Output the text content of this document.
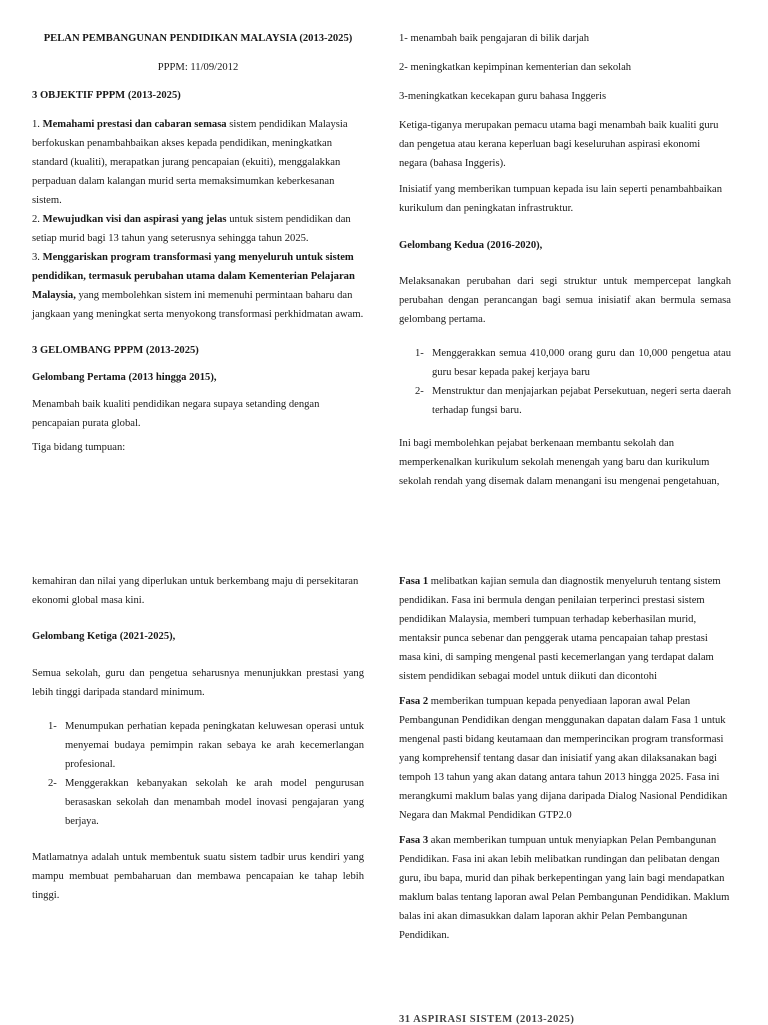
PELAN PEMBANGUNAN PENDIDIKAN MALAYSIA (2013-2025)

PPPM: 11/09/2012

3 OBJEKTIF PPPM (2013-2025)

1. Memahami prestasi dan cabaran semasa sistem pendidikan Malaysia berfokuskan penambahbaikan akses kepada pendidikan, meningkatkan standard (kualiti), merapatkan jurang pencapaian (ekuiti), menggalakkan perpaduan dalam kalangan murid serta memaksimumkan keberkesanan sistem.

2. Mewujudkan visi dan aspirasi yang jelas untuk sistem pendidikan dan setiap murid bagi 13 tahun yang seterusnya sehingga tahun 2025.

3. Menggariskan program transformasi yang menyeluruh untuk sistem pendidikan, termasuk perubahan utama dalam Kementerian Pelajaran Malaysia, yang membolehkan sistem ini memenuhi permintaan baharu dan jangkaan yang meningkat serta menyokong transformasi perkhidmatan awam.

3 GELOMBANG PPPM (2013-2025)

Gelombang Pertama (2013 hingga 2015),

Menambah baik kualiti pendidikan negara supaya setanding dengan pencapaian purata global.

Tiga bidang tumpuan:

1- menambah baik pengajaran di bilik darjah

2- meningkatkan kepimpinan kementerian dan sekolah

3-meningkatkan kecekapan guru bahasa Inggeris

Ketiga-tiganya merupakan pemacu utama bagi menambah baik kualiti guru dan pengetua atau kerana keperluan bagi keseluruhan aspirasi ekonomi negara (bahasa Inggeris).

Inisiatif yang memberikan tumpuan kepada isu lain seperti penambahbaikan kurikulum dan peningkatan infrastruktur.

Gelombang Kedua (2016-2020),

Melaksanakan perubahan dari segi struktur untuk mempercepat langkah perubahan dengan perancangan bagi semua inisiatif akan bermula semasa gelombang pertama.

1- Menggerakkan semua 410,000 orang guru dan 10,000 pengetua atau guru besar kepada pakej kerjaya baru
2- Menstruktur dan menjajarkan pejabat Persekutuan, negeri serta daerah terhadap fungsi baru.

Ini bagi membolehkan pejabat berkenaan membantu sekolah dan memperkenalkan kurikulum sekolah menengah yang baru dan kurikulum sekolah rendah yang disemak dalam menangani isu mengenai pengetahuan,

kemahiran dan nilai yang diperlukan untuk berkembang maju di persekitaran ekonomi global masa kini.

Gelombang Ketiga (2021-2025),

Semua sekolah, guru dan pengetua seharusnya menunjukkan prestasi yang lebih tinggi daripada standard minimum.

1- Menumpukan perhatian kepada peningkatan keluwesan operasi untuk menyemai budaya pemimpin rakan sebaya ke arah kecemerlangan profesional.
2- Menggerakkan kebanyakan sekolah ke arah model pengurusan berasaskan sekolah dan menambah model inovasi pengajaran yang berjaya.

Matlamatnya adalah untuk membentuk suatu sistem tadbir urus kendiri yang mampu membuat pembaharuan dan membawa pencapaian ke tahap lebih tinggi.

Fasa 1 melibatkan kajian semula dan diagnostik menyeluruh tentang sistem pendidikan. Fasa ini bermula dengan penilaian terperinci prestasi sistem pendidikan Malaysia, memberi tumpuan terhadap keberhasilan murid, mentaksir punca sebenar dan penggerak utama pencapaian tahap prestasi masa kini, di samping mengenal pasti kecemerlangan yang terdapat dalam sistem pendidikan sebagai model untuk diikuti dan dicontohi

Fasa 2 memberikan tumpuan kepada penyediaan laporan awal Pelan Pembangunan Pendidikan dengan menggunakan dapatan dalam Fasa 1 untuk mengenal pasti bidang keutamaan dan memperincikan program transformasi yang komprehensif tentang dasar dan inisiatif yang akan dilaksanakan bagi tempoh 13 tahun yang akan datang antara tahun 2013 hingga 2025. Fasa ini merangkumi maklum balas yang dijana daripada Dialog Nasional Pendidikan Negara dan Makmal Pendidikan GTP2.0

Fasa 3 akan memberikan tumpuan untuk menyiapkan Pelan Pembangunan Pendidikan. Fasa ini akan lebih melibatkan rundingan dan pelibatan dengan guru, ibu bapa, murid dan pihak berkepentingan yang lain bagi mendapatkan maklum balas tentang laporan awal Pelan Pembangunan Pendidikan. Maklum balas ini akan dimasukkan dalam laporan akhir Pelan Pembangunan Pendidikan.

31 ASPIRASI SISTEM (2013-2025)
